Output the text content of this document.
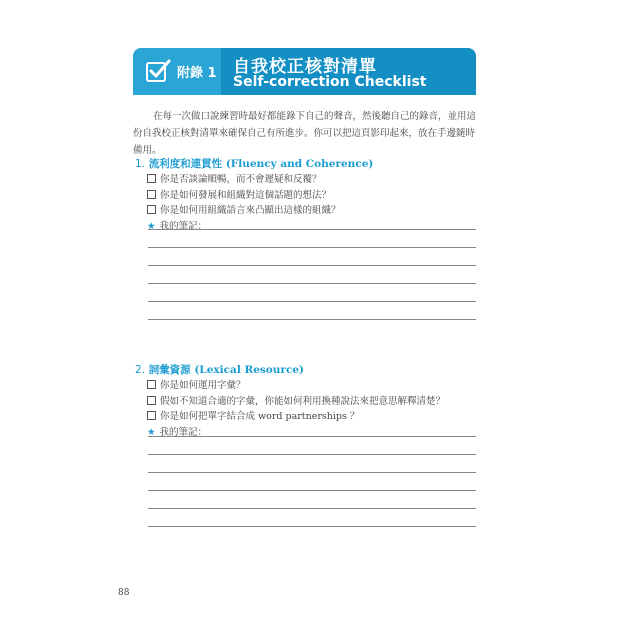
附錄 1 自我校正核對清單
Self-correction Checklist

在每一次做口說練習時最好都能錄下自己的聲音，然後聽自己的錄音，並用這份自我校正核對清單來確保自己有所進步。你可以把這頁影印起來，放在手邊隨時備用。

1. 流利度和連貫性 (Fluency and Coherence)
你是否談論順暢，而不會遲疑和反覆？
你是如何發展和組織對這個話題的想法？
你是如何用組織語言來凸顯出這樣的組織？
★ 我的筆記：
2. 詞彙資源 (Lexical Resource)
你是如何運用字彙？
假如不知道合適的字彙，你能如何利用換種說法來把意思解釋清楚？
你是如何把單字結合成 word partnerships ？
★ 我的筆記：
88
